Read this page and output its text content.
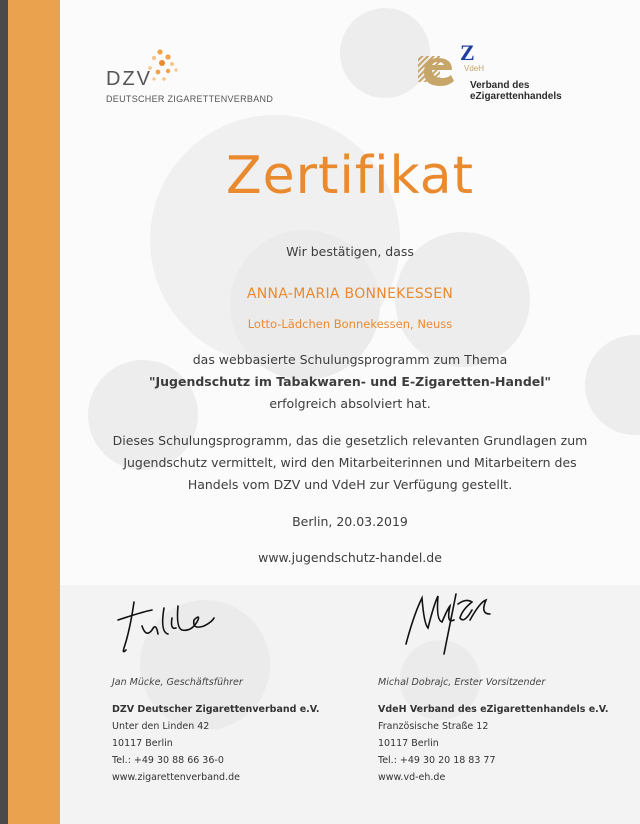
DZV
DEUTSCHER ZIGARETTENVERBAND
Z
VdeH
Verband des
eZigarettenhandels
Zertifikat
Wir bestätigen, dass
ANNA-MARIA BONNEKESSEN
Lotto-Lädchen Bonnekessen, Neuss
das webbasierte Schulungsprogramm zum Thema
"Jugendschutz im Tabakwaren- und E-Zigaretten-Handel"
erfolgreich absolviert hat.
Dieses Schulungsprogramm, das die gesetzlich relevanten Grundlagen zum
Jugendschutz vermittelt, wird den Mitarbeiterinnen und Mitarbeitern des
Handels vom DZV und VdeH zur Verfügung gestellt.
Berlin, 20.03.2019
www.jugendschutz-handel.de
Jan Mücke, Geschäftsführer	Michal Dobrajc, Erster Vorsitzender
DZV Deutscher Zigarettenverband e.V.
Unter den Linden 42
10117 Berlin
Tel.: +49 30 88 66 36-0
www.zigarettenverband.de
VdeH Verband des eZigarettenhandels e.V.
Französische Straße 12
10117 Berlin
Tel.: +49 30 20 18 83 77
www.vd-eh.de
